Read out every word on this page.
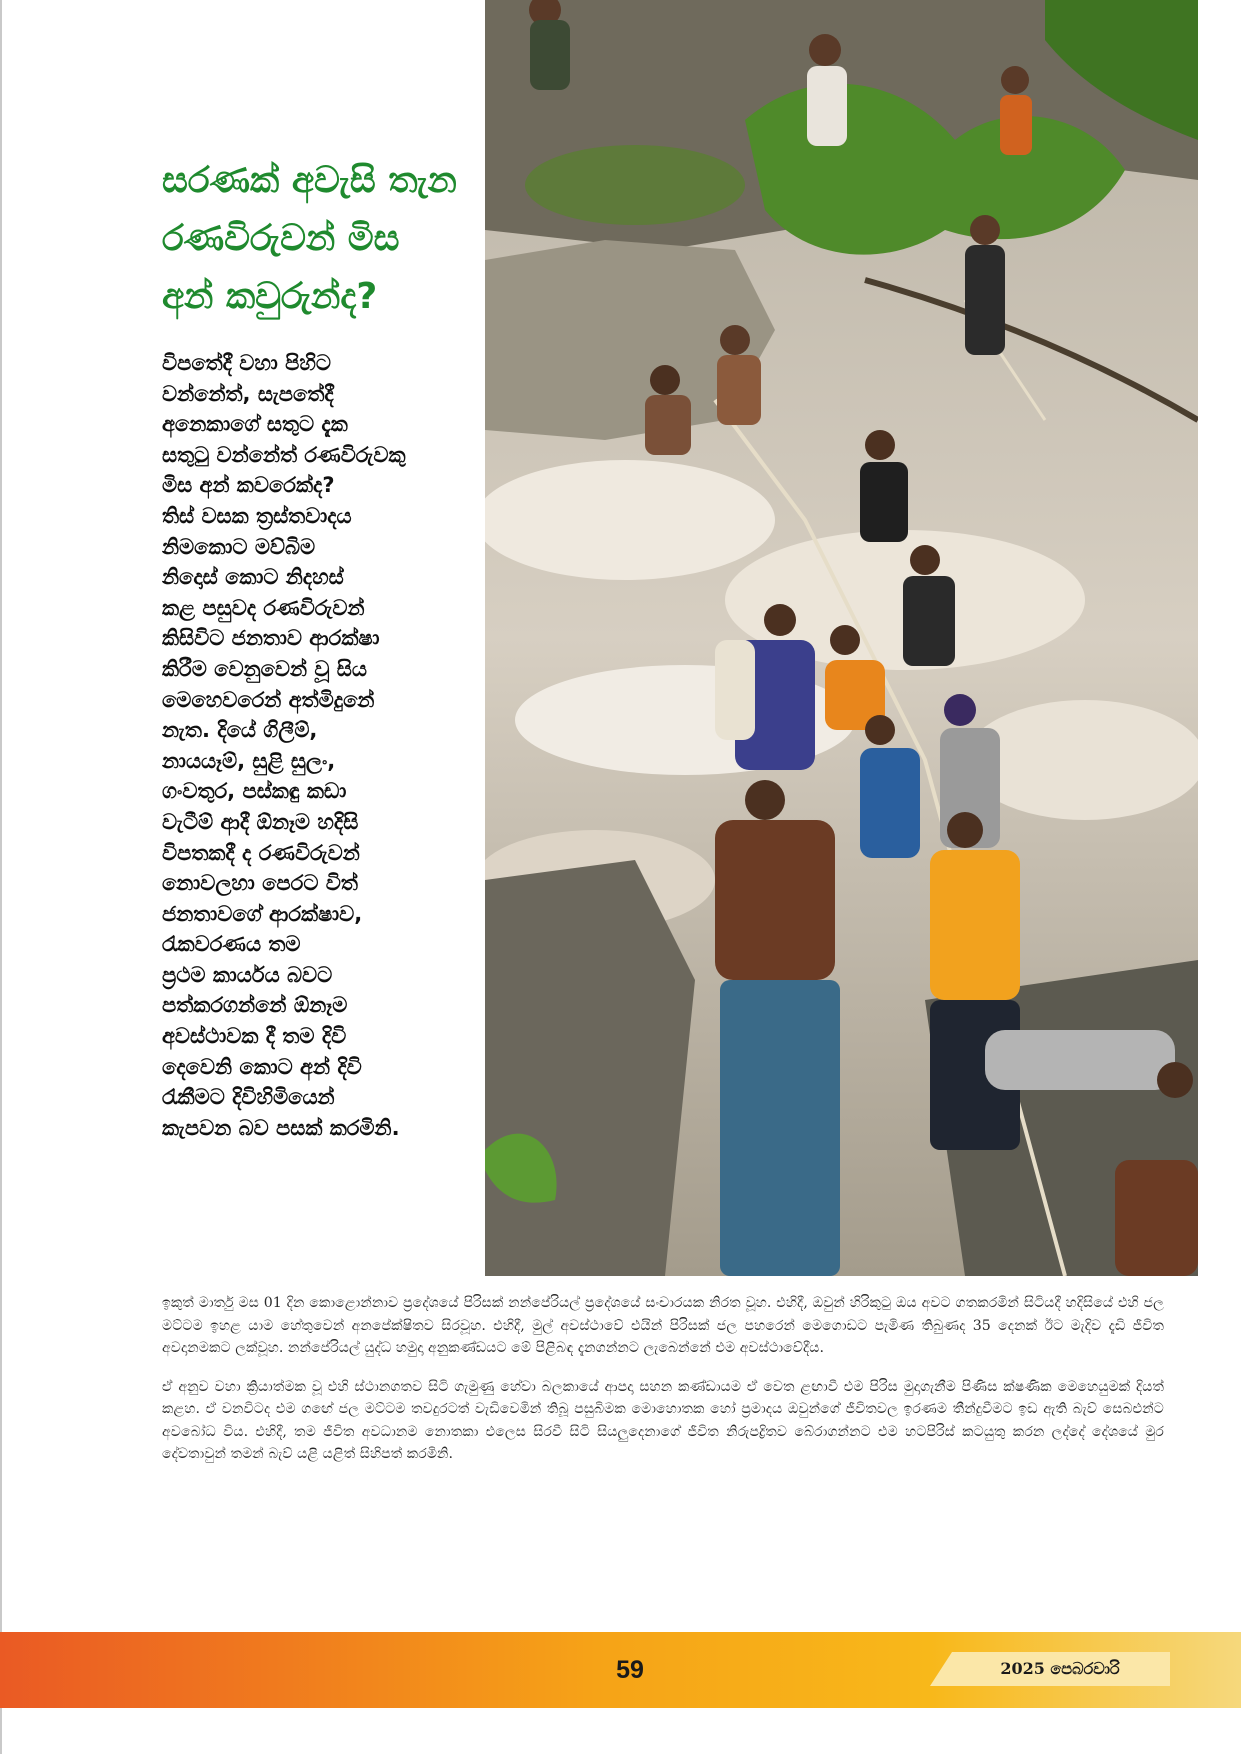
සරණක් අවැසි තැන
රණවිරුවන් මිස
අන් කවුරුන්ද?

විපතේදී වහා පිහිට
වන්නේත්, සැපතේදී
අනෙකාගේ සතුට දැක
සතුටු වන්නේත් රණවිරුවකු
මිස අන් කවරෙක්ද?
තිස් වසක ත්‍රස්තවාදය
නිමකොට මව්බිම
නිදොස් කොට නිදහස්
කළ පසුවද රණවිරුවන්
කිසිවිට ජනතාව ආරක්ෂා
කිරීම වෙනුවෙන් වූ සිය
මෙහෙවරෙන් අත්මිදුනේ
නැත. දියේ ගිලීම්,
නායයෑම්, සුළි සුලං,
ගංවතුර, පස්කඳු කඩා
වැටීම් ආදී ඕනෑම හදිසි
විපතකදී ද රණවිරුවන්
නොවලහා පෙරට විත්
ජනතාවගේ ආරක්ෂාව,
රැකවරණය තම
ප්‍රථම කාර්යය බවට
පත්කරගන්නේ ඕනෑම
අවස්ථාවක දී තම දිවි
දෙවෙනි කොට අන් දිවි
රැකීමට දිවිහිමියෙන්
කැපවන බව පසක් කරමිනි.

ඉකුත් මාර්තු මස 01 දින කොළොන්නාව ප්‍රදේශයේ පිරිසක් නන්පේරියල් ප්‍රදේශයේ සංචාරයක නිරත වූහ. එහිදී, ඔවුන් හිරිකුටු ඔය අවට ගතකරමින් සිටියදී හදිසියේ එහි ජල මට්ටම ඉහළ යාම හේතුවෙන් අනපේක්ෂිතව සිරවූහ. එහිදී, මුල් අවස්ථාවේ එයින් පිරිසක් ජල පහරෙන් මෙගොඩට පැමිණ තිබුණද 35 දෙනක් ඊට මැදිව දැඩි ජීවිත අවදානමකට ලක්වූහ. නන්පේරියල් යුද්ධ හමුදා අනුකණ්ඩයට මේ පිළිබඳ දැනගන්නට ලැබෙන්නේ එම අවස්ථාවේදීය.

ඒ අනුව වහා ක්‍රියාත්මක වූ එහි ස්ථානගතව සිටි ගැමුණු හේවා බලකායේ ආපදා සහන කණ්ඩායම ඒ වෙත ළඟාවී එම පිරිස මුදාගැනීම පිණිස ක්ෂණික මෙහෙයුමක් දියත් කළහ. ඒ වනවිටද එම ගඟේ ජල මට්ටම තවදුරටත් වැඩිවෙමින් තිබූ පසුබිමක මොහොතක හෝ ප්‍රමාදය ඔවුන්ගේ ජීවිතවල ඉරණම තීන්දුවීමට ඉඩ ඇති බැව් සෙබළුන්ට අවබෝධ විය. එහිදී, තම ජීවිත අවධානම නොතකා එලෙස සිරවී සිටි සියලුදෙනාගේ ජීවිත නිරුපද්‍රිතව බේරාගන්නට එම හටපිරිස් කටයුතු කරන ලද්දේ දේශයේ මුර දේවතාවුන් තමන් බැව් යළි යළිත් සිහිපත් කරමිනි.

59	2025 පෙබරවාරි
